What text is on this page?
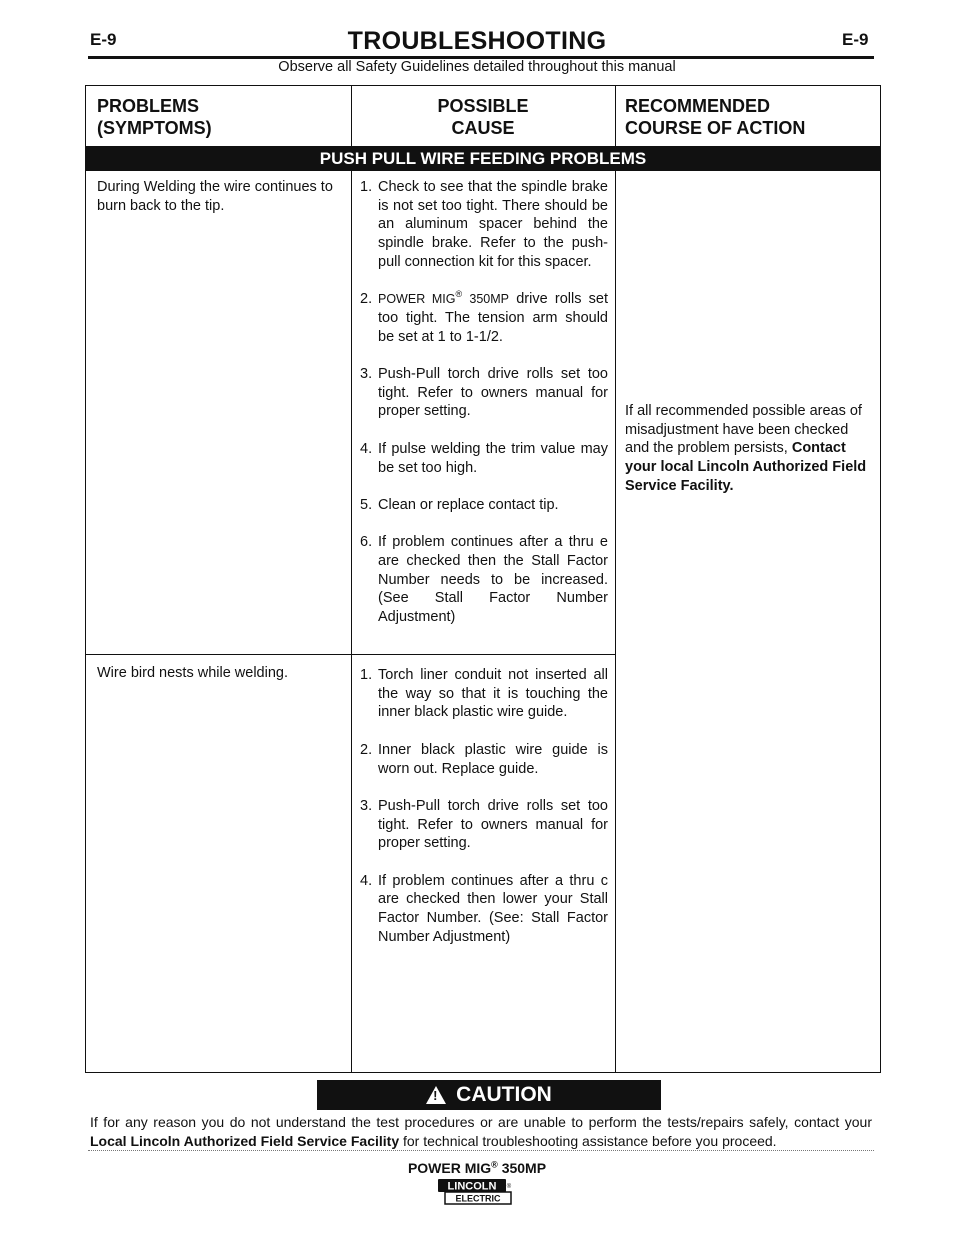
E-9	E-9
TROUBLESHOOTING
Observe all Safety Guidelines detailed throughout this manual
PROBLEMS
(SYMPTOMS)
POSSIBLE
CAUSE
RECOMMENDED
COURSE OF ACTION
PUSH PULL WIRE FEEDING PROBLEMS
During Welding the wire continues to burn back to the tip.
1. Check to see that the spindle brake is not set too tight. There should be an aluminum spacer behind the spindle brake. Refer to the push-pull connection kit for this spacer.
2. POWER MIG® 350MP drive rolls set too tight. The tension arm should be set at 1 to 1-1/2.
3. Push-Pull torch drive rolls set too tight. Refer to owners manual for proper setting.
4. If pulse welding the trim value may be set too high.
5. Clean or replace contact tip.
6. If problem continues after a thru e are checked then the Stall Factor Number needs to be increased. (See Stall Factor Number Adjustment)
Wire bird nests while welding.	1. Torch liner conduit not inserted all the way so that it is touching the inner black plastic wire guide.
2. Inner black plastic wire guide is worn out. Replace guide.
3. Push-Pull torch drive rolls set too tight. Refer to owners manual for proper setting.
4. If problem continues after a thru c are checked then lower your Stall Factor Number. (See: Stall Factor Number Adjustment)
If all recommended possible areas of misadjustment have been checked and the problem persists, Contact your local Lincoln Authorized Field Service Facility.
! CAUTION
If for any reason you do not understand the test procedures or are unable to perform the tests/repairs safely, contact your Local Lincoln Authorized Field Service Facility for technical troubleshooting assistance before you proceed.
POWER MIG® 350MP
LINCOLN ®
ELECTRIC
